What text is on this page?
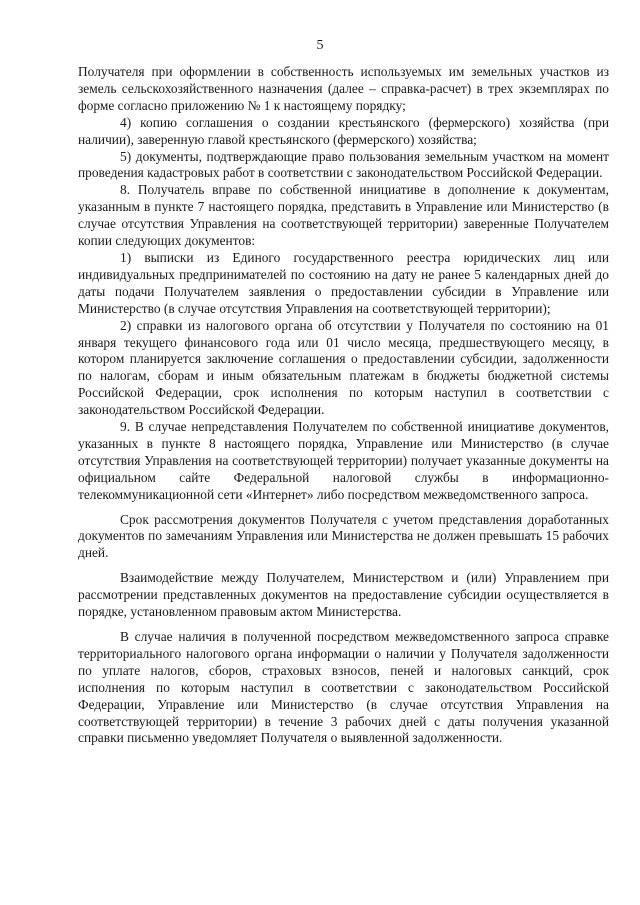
5

Получателя при оформлении в собственность используемых им земельных участков из земель сельскохозяйственного назначения (далее – справка-расчет) в трех экземплярах по форме согласно приложению № 1 к настоящему порядку;

4) копию соглашения о создании крестьянского (фермерского) хозяйства (при наличии), заверенную главой крестьянского (фермерского) хозяйства;

5) документы, подтверждающие право пользования земельным участком на момент проведения кадастровых работ в соответствии с законодательством Российской Федерации.

8. Получатель вправе по собственной инициативе в дополнение к документам, указанным в пункте 7 настоящего порядка, представить в Управление или Министерство (в случае отсутствия Управления на соответствующей территории) заверенные Получателем копии следующих документов:

1) выписки из Единого государственного реестра юридических лиц или индивидуальных предпринимателей по состоянию на дату не ранее 5 календарных дней до даты подачи Получателем заявления о предоставлении субсидии в Управление или Министерство (в случае отсутствия Управления на соответствующей территории);

2) справки из налогового органа об отсутствии у Получателя по состоянию на 01 января текущего финансового года или 01 число месяца, предшествующего месяцу, в котором планируется заключение соглашения о предоставлении субсидии, задолженности по налогам, сборам и иным обязательным платежам в бюджеты бюджетной системы Российской Федерации, срок исполнения по которым наступил в соответствии с законодательством Российской Федерации.

9. В случае непредставления Получателем по собственной инициативе документов, указанных в пункте 8 настоящего порядка, Управление или Министерство (в случае отсутствия Управления на соответствующей территории) получает указанные документы на официальном сайте Федеральной налоговой службы в информационно-телекоммуникационной сети «Интернет» либо посредством межведомственного запроса.

Срок рассмотрения документов Получателя с учетом представления доработанных документов по замечаниям Управления или Министерства не должен превышать 15 рабочих дней.

Взаимодействие между Получателем, Министерством и (или) Управлением при рассмотрении представленных документов на предоставление субсидии осуществляется в порядке, установленном правовым актом Министерства.

В случае наличия в полученной посредством межведомственного запроса справке территориального налогового органа информации о наличии у Получателя задолженности по уплате налогов, сборов, страховых взносов, пеней и налоговых санкций, срок исполнения по которым наступил в соответствии с законодательством Российской Федерации, Управление или Министерство (в случае отсутствия Управления на соответствующей территории) в течение 3 рабочих дней с даты получения указанной справки письменно уведомляет Получателя о выявленной задолженности.
